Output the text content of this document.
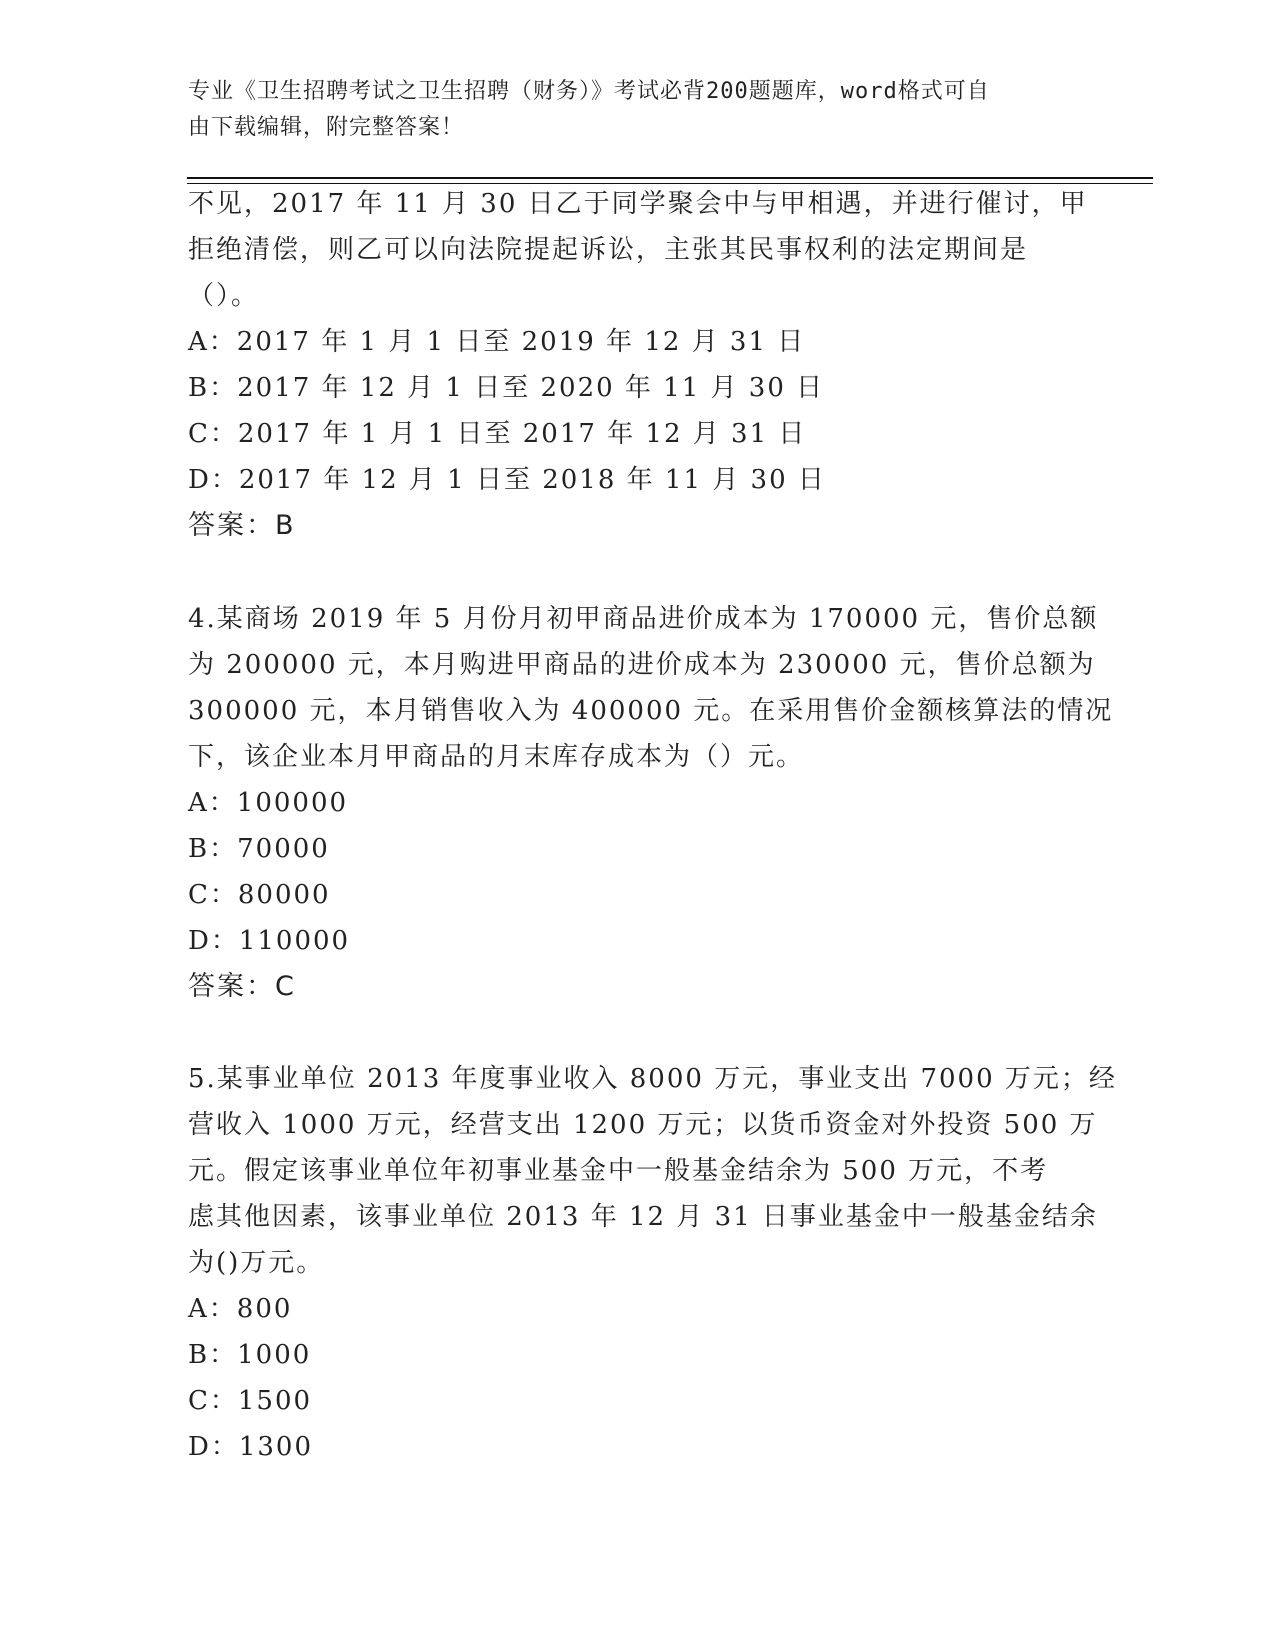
专业《卫生招聘考试之卫生招聘（财务）》考试必背200题题库，word格式可自
由下载编辑，附完整答案！
不见，2017 年 11 月 30 日乙于同学聚会中与甲相遇，并进行催讨，甲
拒绝清偿，则乙可以向法院提起诉讼，主张其民事权利的法定期间是
（）。
A：2017 年 1 月 1 日至 2019 年 12 月 31 日
B：2017 年 12 月 1 日至 2020 年 11 月 30 日
C：2017 年 1 月 1 日至 2017 年 12 月 31 日
D：2017 年 12 月 1 日至 2018 年 11 月 30 日
答案：B
4.某商场 2019 年 5 月份月初甲商品进价成本为 170000 元，售价总额
为 200000 元，本月购进甲商品的进价成本为 230000 元，售价总额为
300000 元，本月销售收入为 400000 元。在采用售价金额核算法的情况
下，该企业本月甲商品的月末库存成本为（）元。
A：100000
B：70000
C：80000
D：110000
答案：C
5.某事业单位 2013 年度事业收入 8000 万元，事业支出 7000 万元；经
营收入 1000 万元，经营支出 1200 万元；以货币资金对外投资 500 万
元。假定该事业单位年初事业基金中一般基金结余为 500 万元，不考
虑其他因素，该事业单位 2013 年 12 月 31 日事业基金中一般基金结余
为()万元。
A：800
B：1000
C：1500
D：1300
